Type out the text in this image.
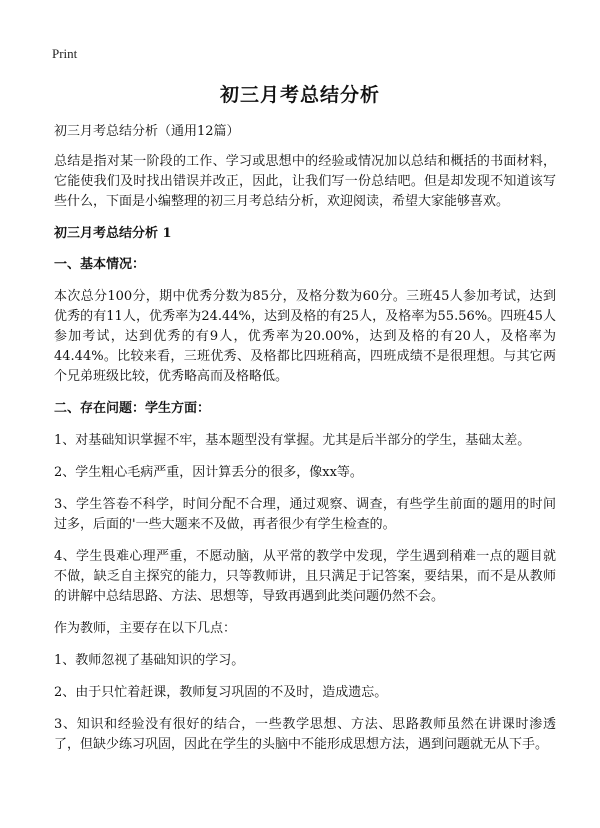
Print
初三月考总结分析

初三月考总结分析（通用12篇）

总结是指对某一阶段的工作、学习或思想中的经验或情况加以总结和概括的书面材料，它能使我们及时找出错误并改正，因此，让我们写一份总结吧。但是却发现不知道该写些什么，下面是小编整理的初三月考总结分析，欢迎阅读，希望大家能够喜欢。

初三月考总结分析 1

一、基本情况：

本次总分100分，期中优秀分数为85分，及格分数为60分。三班45人参加考试，达到优秀的有11人，优秀率为24.44%，达到及格的有25人，及格率为55.56%。四班45人参加考试，达到优秀的有9人，优秀率为20.00%，达到及格的有20人，及格率为44.44%。比较来看，三班优秀、及格都比四班稍高，四班成绩不是很理想。与其它两个兄弟班级比较，优秀略高而及格略低。

二、存在问题：学生方面：

1、对基础知识掌握不牢，基本题型没有掌握。尤其是后半部分的学生，基础太差。

2、学生粗心毛病严重，因计算丢分的很多，像xx等。

3、学生答卷不科学，时间分配不合理，通过观察、调查，有些学生前面的题用的时间过多，后面的'一些大题来不及做，再者很少有学生检查的。

4、学生畏难心理严重，不愿动脑，从平常的教学中发现，学生遇到稍难一点的题目就不做，缺乏自主探究的能力，只等教师讲，且只满足于记答案，要结果，而不是从教师的讲解中总结思路、方法、思想等，导致再遇到此类问题仍然不会。

作为教师，主要存在以下几点：

1、教师忽视了基础知识的学习。

2、由于只忙着赶课，教师复习巩固的不及时，造成遗忘。

3、知识和经验没有很好的结合，一些教学思想、方法、思路教师虽然在讲课时渗透了，但缺少练习巩固，因此在学生的头脑中不能形成思想方法，遇到问题就无从下手。
